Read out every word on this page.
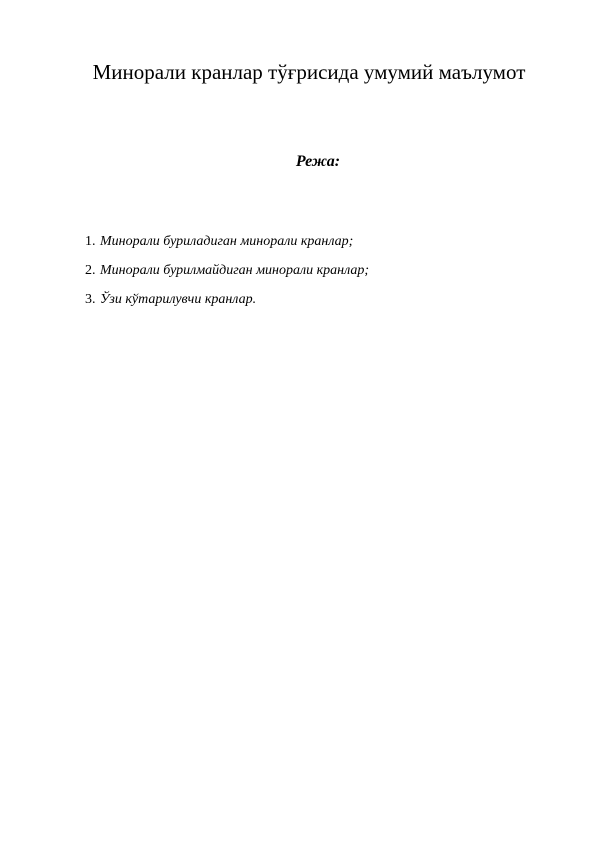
Минорали кранлар тўғрисида умумий маълумот
Режа:
1. Минорали буриладиган минорали кранлар;
2. Минорали бурилмайдиган минорали кранлар;
3. Ўзи кўтарилувчи кранлар.
